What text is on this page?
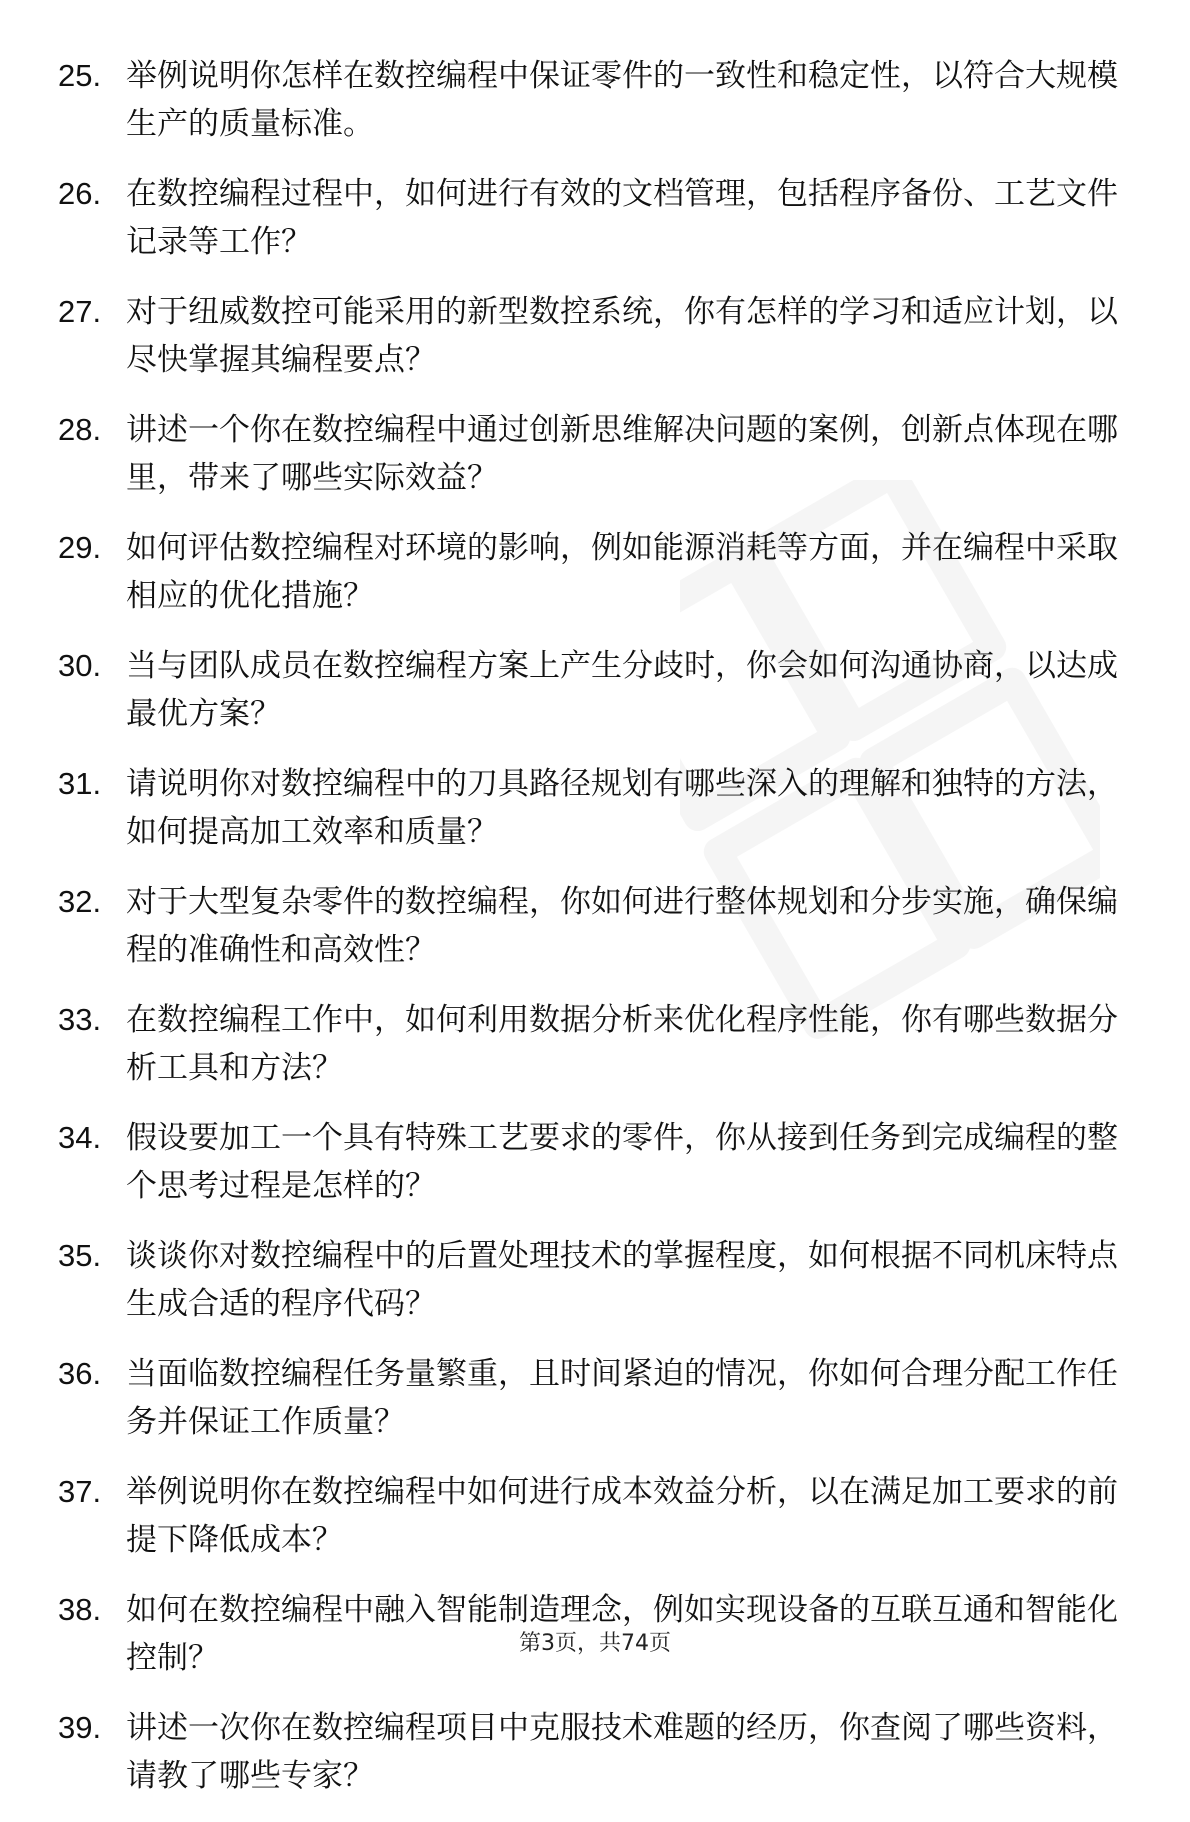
25. 举例说明你怎样在数控编程中保证零件的一致性和稳定性，以符合大规模生产的质量标准。
26. 在数控编程过程中，如何进行有效的文档管理，包括程序备份、工艺文件记录等工作？
27. 对于纽威数控可能采用的新型数控系统，你有怎样的学习和适应计划，以尽快掌握其编程要点？
28. 讲述一个你在数控编程中通过创新思维解决问题的案例，创新点体现在哪里，带来了哪些实际效益？
29. 如何评估数控编程对环境的影响，例如能源消耗等方面，并在编程中采取相应的优化措施？
30. 当与团队成员在数控编程方案上产生分歧时，你会如何沟通协商，以达成最优方案？
31. 请说明你对数控编程中的刀具路径规划有哪些深入的理解和独特的方法，如何提高加工效率和质量？
32. 对于大型复杂零件的数控编程，你如何进行整体规划和分步实施，确保编程的准确性和高效性？
33. 在数控编程工作中，如何利用数据分析来优化程序性能，你有哪些数据分析工具和方法？
34. 假设要加工一个具有特殊工艺要求的零件，你从接到任务到完成编程的整个思考过程是怎样的？
35. 谈谈你对数控编程中的后置处理技术的掌握程度，如何根据不同机床特点生成合适的程序代码？
36. 当面临数控编程任务量繁重，且时间紧迫的情况，你如何合理分配工作任务并保证工作质量？
37. 举例说明你在数控编程中如何进行成本效益分析，以在满足加工要求的前提下降低成本？
38. 如何在数控编程中融入智能制造理念，例如实现设备的互联互通和智能化控制？
39. 讲述一次你在数控编程项目中克服技术难题的经历，你查阅了哪些资料，请教了哪些专家？
第3页，共74页
